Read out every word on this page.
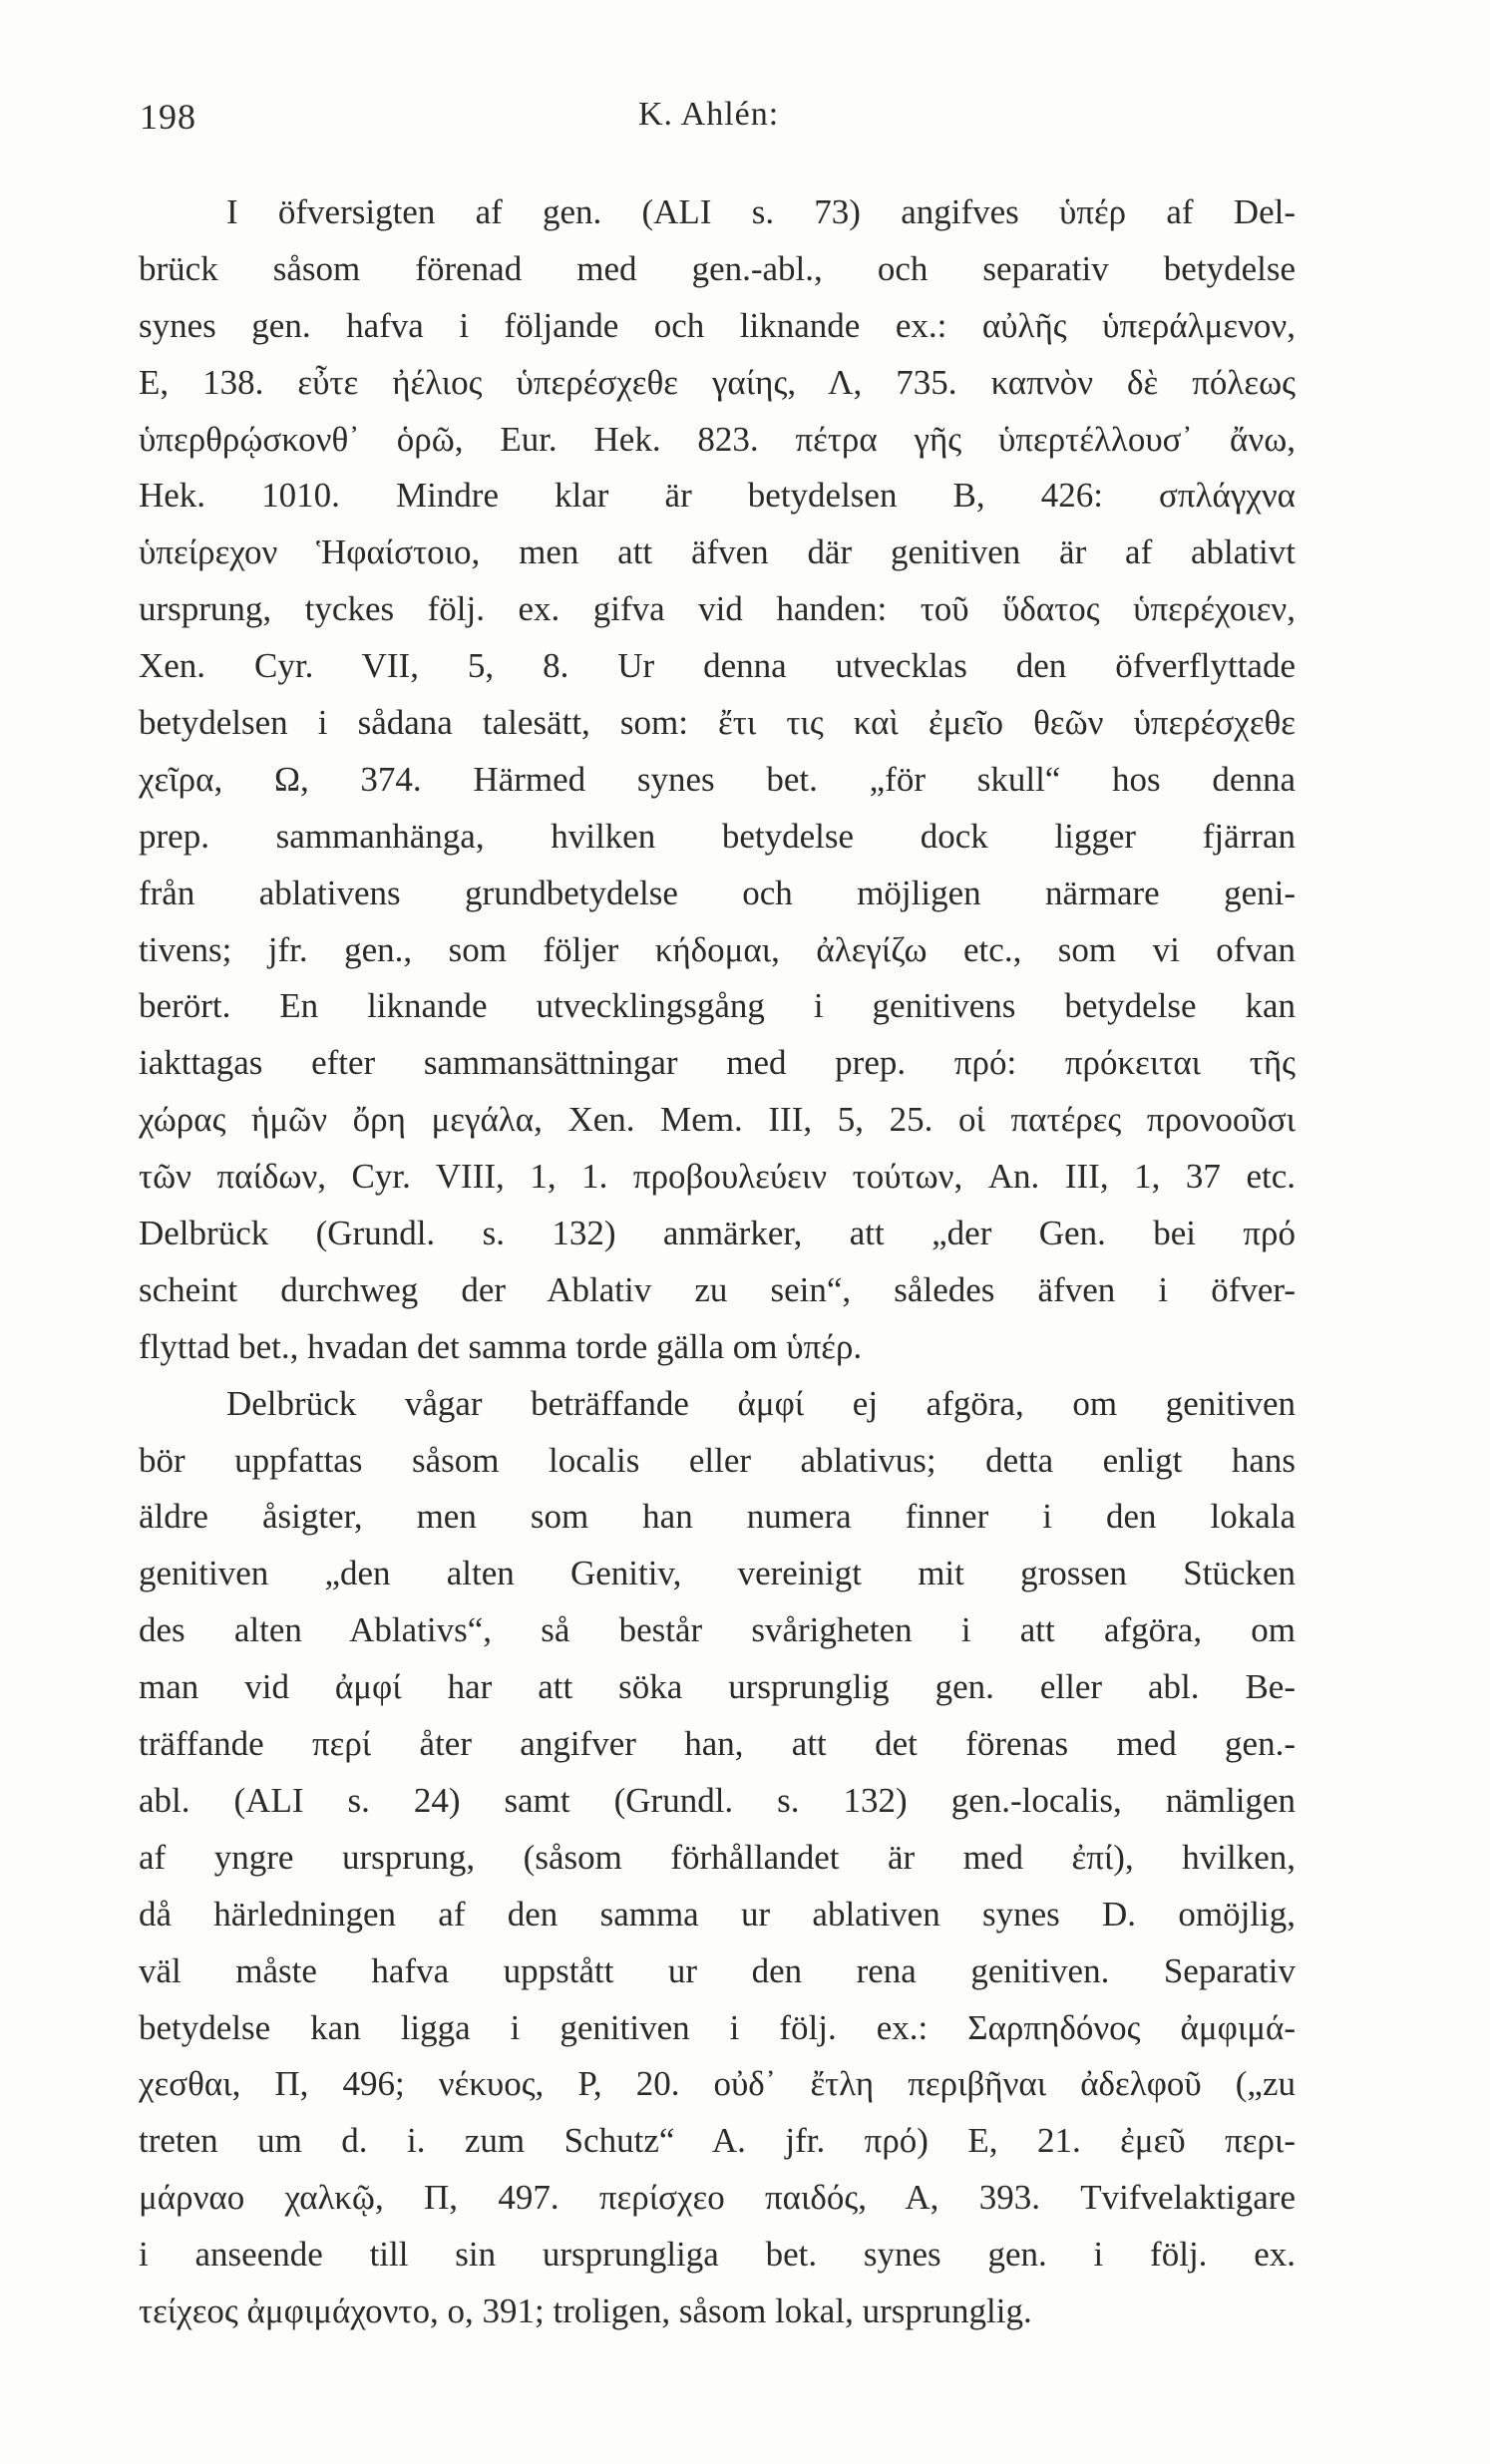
198	K. Ahlén:
I öfversigten af gen. (ALI s. 73) angifves ὑπέρ af Del-
brück såsom förenad med gen.-abl., och separativ betydelse
synes gen. hafva i följande och liknande ex.: αὐλῆς ὑπεράλμενον,
E, 138. εὖτε ἠέλιος ὑπερέσχεθε γαίης, Λ, 735. καπνὸν δὲ πόλεως
ὑπερθρῴσκονθ᾽ ὁρῶ, Eur. Hek. 823. πέτρα γῆς ὑπερτέλλουσ᾽ ἄνω,
Hek. 1010. Mindre klar är betydelsen B, 426: σπλάγχνα
ὑπείρεχον Ἡφαίστοιο, men att äfven där genitiven är af ablativt
ursprung, tyckes följ. ex. gifva vid handen: τοῦ ὕδατος ὑπερέχοιεν,
Xen. Cyr. VII, 5, 8. Ur denna utvecklas den öfverflyttade
betydelsen i sådana talesätt, som: ἔτι τις καὶ ἐμεῖο θεῶν ὑπερέσχεθε
χεῖρα, Ω, 374. Härmed synes bet. „för skull“ hos denna
prep. sammanhänga, hvilken betydelse dock ligger fjärran
från ablativens grundbetydelse och möjligen närmare geni-
tivens; jfr. gen., som följer κήδομαι, ἀλεγίζω etc., som vi ofvan
berört. En liknande utvecklingsgång i genitivens betydelse kan
iakttagas efter sammansättningar med prep. πρό: πρόκειται τῆς
χώρας ἡμῶν ὄρη μεγάλα, Xen. Mem. III, 5, 25. οἱ πατέρες προνοοῦσι
τῶν παίδων, Cyr. VIII, 1, 1. προβουλεύειν τούτων, An. III, 1, 37 etc.
Delbrück (Grundl. s. 132) anmärker, att „der Gen. bei πρό
scheint durchweg der Ablativ zu sein“, således äfven i öfver-
flyttad bet., hvadan det samma torde gälla om ὑπέρ.
Delbrück vågar beträffande ἀμφί ej afgöra, om genitiven
bör uppfattas såsom localis eller ablativus; detta enligt hans
äldre åsigter, men som han numera finner i den lokala
genitiven „den alten Genitiv, vereinigt mit grossen Stücken
des alten Ablativs“, så består svårigheten i att afgöra, om
man vid ἀμφί har att söka ursprunglig gen. eller abl. Be-
träffande περί åter angifver han, att det förenas med gen.-
abl. (ALI s. 24) samt (Grundl. s. 132) gen.-localis, nämligen
af yngre ursprung, (såsom förhållandet är med ἐπί), hvilken,
då härledningen af den samma ur ablativen synes D. omöjlig,
väl måste hafva uppstått ur den rena genitiven. Separativ
betydelse kan ligga i genitiven i följ. ex.: Σαρπηδόνος ἀμφιμά-
χεσθαι, Π, 496; νέκυος, P, 20. οὐδ᾽ ἔτλη περιβῆναι ἀδελφοῦ („zu
treten um d. i. zum Schutz“ A. jfr. πρό) E, 21. ἐμεῦ περι-
μάρναο χαλκῷ, Π, 497. περίσχεο παιδός, Α, 393. Tvifvelaktigare
i anseende till sin ursprungliga bet. synes gen. i följ. ex.
τείχεος ἀμφιμάχοντο, ο, 391; troligen, såsom lokal, ursprunglig.
